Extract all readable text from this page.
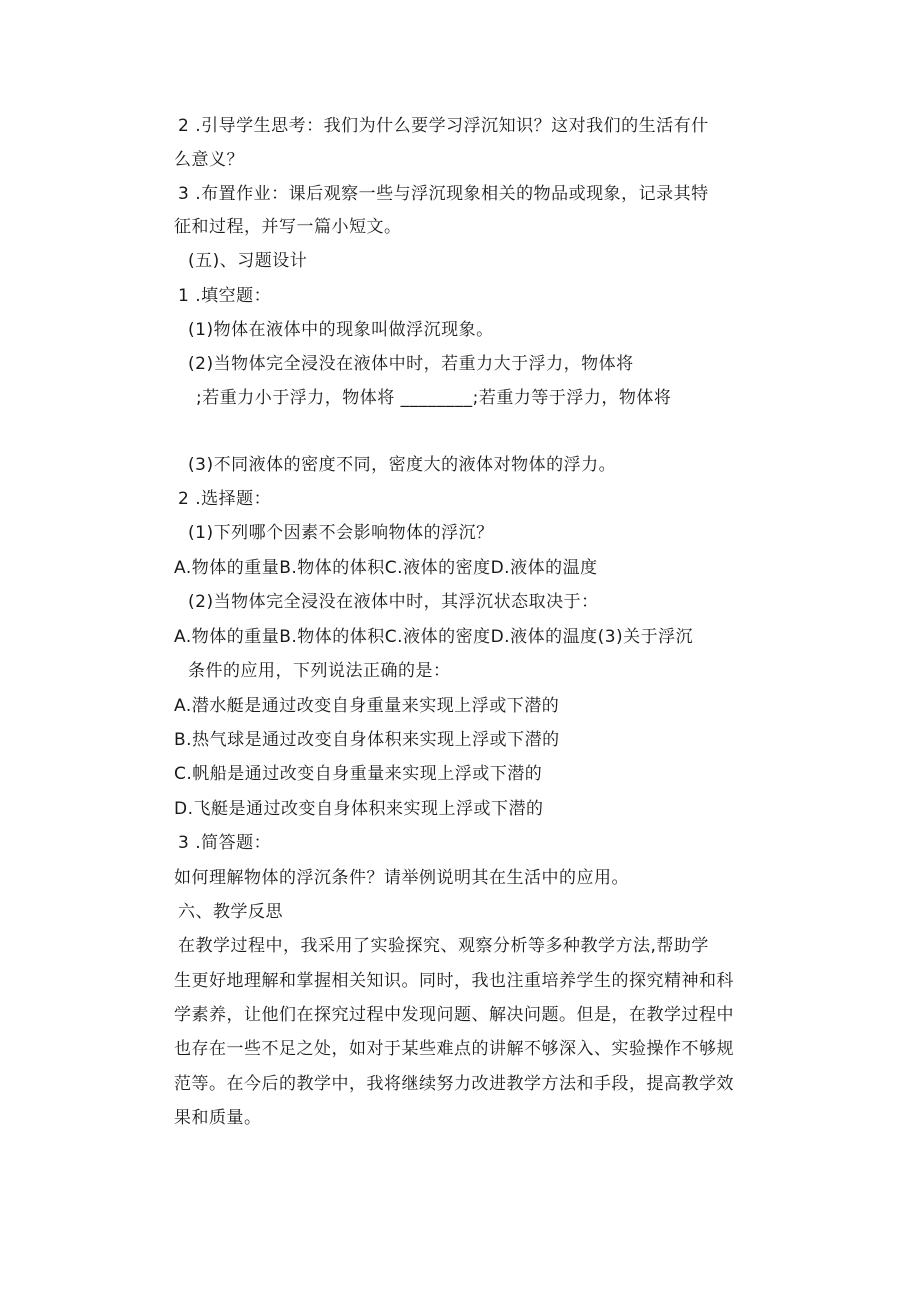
2 .引导学生思考：我们为什么要学习浮沉知识？这对我们的生活有什
么意义？
3 .布置作业：课后观察一些与浮沉现象相关的物品或现象，记录其特
征和过程，并写一篇小短文。
(五)、习题设计
1 .填空题：
(1)物体在液体中的现象叫做浮沉现象。
(2)当物体完全浸没在液体中时，若重力大于浮力，物体将
;若重力小于浮力，物体将 ________;若重力等于浮力，物体将
(3)不同液体的密度不同，密度大的液体对物体的浮力。
2 .选择题：
(1)下列哪个因素不会影响物体的浮沉？
A.物体的重量B.物体的体积C.液体的密度D.液体的温度
(2)当物体完全浸没在液体中时，其浮沉状态取决于：
A.物体的重量B.物体的体积C.液体的密度D.液体的温度(3)关于浮沉
条件的应用，下列说法正确的是：
A.潜水艇是通过改变自身重量来实现上浮或下潜的
B.热气球是通过改变自身体积来实现上浮或下潜的
C.帆船是通过改变自身重量来实现上浮或下潜的
D.飞艇是通过改变自身体积来实现上浮或下潜的
3 .简答题：
如何理解物体的浮沉条件？请举例说明其在生活中的应用。
六、教学反思
在教学过程中，我采用了实验探究、观察分析等多种教学方法,帮助学
生更好地理解和掌握相关知识。同时，我也注重培养学生的探究精神和科
学素养，让他们在探究过程中发现问题、解决问题。但是，在教学过程中
也存在一些不足之处，如对于某些难点的讲解不够深入、实验操作不够规
范等。在今后的教学中，我将继续努力改进教学方法和手段，提高教学效
果和质量。
